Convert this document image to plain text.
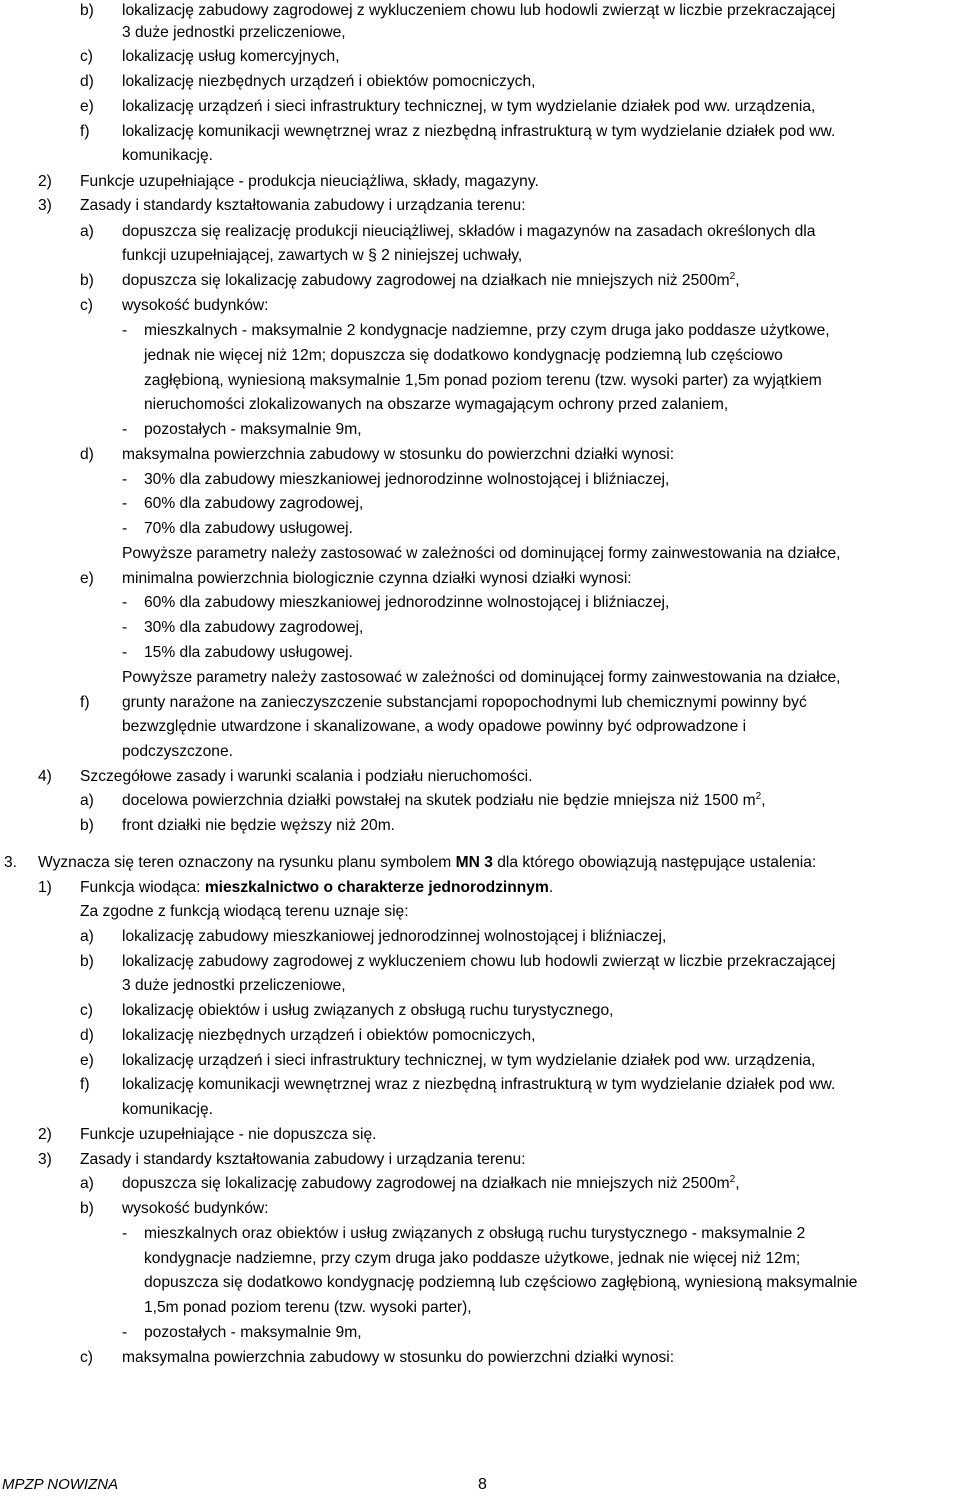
b) lokalizację zabudowy zagrodowej z wykluczeniem chowu lub hodowli zwierząt w liczbie przekraczającej
3 duże jednostki przeliczeniowe,
c) lokalizację usług komercyjnych,
d) lokalizację niezbędnych urządzeń i obiektów pomocniczych,
e) lokalizację urządzeń i sieci infrastruktury technicznej, w tym wydzielanie działek pod ww. urządzenia,
f) lokalizację komunikacji wewnętrznej wraz z niezbędną infrastrukturą w tym wydzielanie działek pod ww.
komunikację.
2) Funkcje uzupełniające - produkcja nieuciążliwa, składy, magazyny.
3) Zasady i standardy kształtowania zabudowy i urządzania terenu:
a) dopuszcza się realizację produkcji nieuciążliwej, składów i magazynów na zasadach określonych dla
funkcji uzupełniającej, zawartych w § 2 niniejszej uchwały,
b) dopuszcza się lokalizację zabudowy zagrodowej na działkach nie mniejszych niż $2500m^2$,
c) wysokość budynków:
- mieszkalnych - maksymalnie 2 kondygnacje nadziemne, przy czym druga jako poddasze użytkowe,
jednak nie więcej niż 12m; dopuszcza się dodatkowo kondygnację podziemną lub częściowo
zagłębioną, wyniesioną maksymalnie 1,5m ponad poziom terenu (tzw. wysoki parter) za wyjątkiem
nieruchomości zlokalizowanych na obszarze wymagającym ochrony przed zalaniem,
- pozostałych - maksymalnie 9m,
d) maksymalna powierzchnia zabudowy w stosunku do powierzchni działki wynosi:
- 30% dla zabudowy mieszkaniowej jednorodzinne wolnostojącej i bliźniaczej,
- 60% dla zabudowy zagrodowej,
- 70% dla zabudowy usługowej.
Powyższe parametry należy zastosować w zależności od dominującej formy zainwestowania na działce,
e) minimalna powierzchnia biologicznie czynna działki wynosi działki wynosi:
- 60% dla zabudowy mieszkaniowej jednorodzinne wolnostojącej i bliźniaczej,
- 30% dla zabudowy zagrodowej,
- 15% dla zabudowy usługowej.
Powyższe parametry należy zastosować w zależności od dominującej formy zainwestowania na działce,
f) grunty narażone na zanieczyszczenie substancjami ropopochodnymi lub chemicznymi powinny być
bezwzględnie utwardzone i skanalizowane, a wody opadowe powinny być odprowadzone i
podczyszczone.
4) Szczegółowe zasady i warunki scalania i podziału nieruchomości.
a) docelowa powierzchnia działki powstałej na skutek podziału nie będzie mniejsza niż 1500 $m^2$,
b) front działki nie będzie węższy niż 20m.
3. Wyznacza się teren oznaczony na rysunku planu symbolem MN 3 dla którego obowiązują następujące ustalenia:
1) Funkcja wiodąca: mieszkalnictwo o charakterze jednorodzinnym.
Za zgodne z funkcją wiodącą terenu uznaje się:
a) lokalizację zabudowy mieszkaniowej jednorodzinnej wolnostojącej i bliźniaczej,
b) lokalizację zabudowy zagrodowej z wykluczeniem chowu lub hodowli zwierząt w liczbie przekraczającej
3 duże jednostki przeliczeniowe,
c) lokalizację obiektów i usług związanych z obsługą ruchu turystycznego,
d) lokalizację niezbędnych urządzeń i obiektów pomocniczych,
e) lokalizację urządzeń i sieci infrastruktury technicznej, w tym wydzielanie działek pod ww. urządzenia,
f) lokalizację komunikacji wewnętrznej wraz z niezbędną infrastrukturą w tym wydzielanie działek pod ww.
komunikację.
2) Funkcje uzupełniające - nie dopuszcza się.
3) Zasady i standardy kształtowania zabudowy i urządzania terenu:
a) dopuszcza się lokalizację zabudowy zagrodowej na działkach nie mniejszych niż $2500m^2$,
b) wysokość budynków:
- mieszkalnych oraz obiektów i usług związanych z obsługą ruchu turystycznego - maksymalnie 2
kondygnacje nadziemne, przy czym druga jako poddasze użytkowe, jednak nie więcej niż 12m;
dopuszcza się dodatkowo kondygnację podziemną lub częściowo zagłębioną, wyniesioną maksymalnie
1,5m ponad poziom terenu (tzw. wysoki parter),
- pozostałych - maksymalnie 9m,
c) maksymalna powierzchnia zabudowy w stosunku do powierzchni działki wynosi:
MPZP NOWIZNA	8
